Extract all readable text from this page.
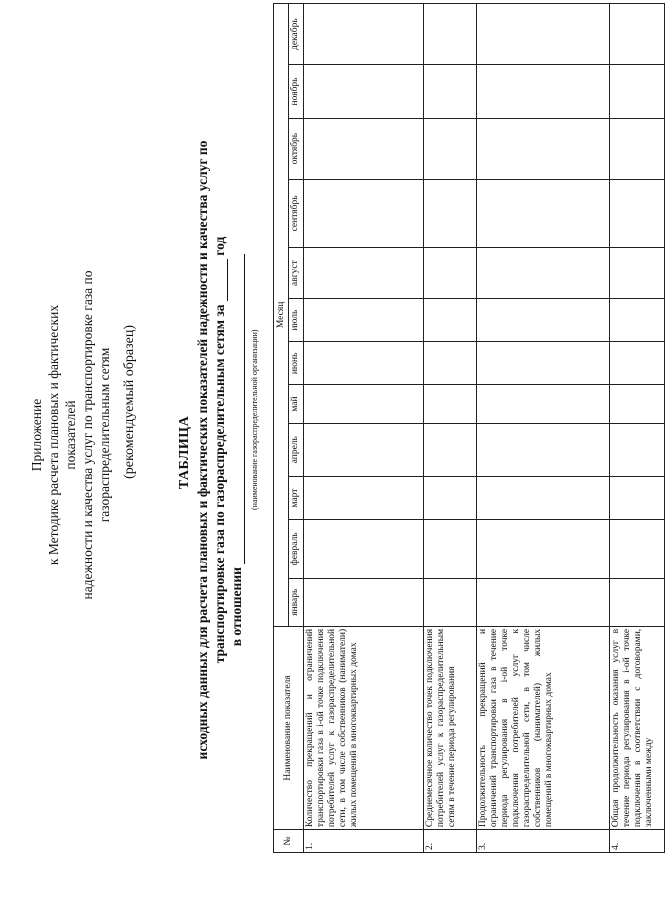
Приложение к Методике расчета плановых и фактических показателей надежности и качества услуг по транспортировке газа по газораспределительным сетям (рекомендуемый образец)	ТАБЛИЦА исходных данных для расчета плановых и фактических показателей надежности и качества услуг по транспортировке газа по газораспределительным сетям за  год
в отношении
(наименование газораспределительной организации)
№	Наименование показателя	Месяц											
		январь	февраль	март	апрель	май	июнь	июль	август	сентябрь	октябрь	ноябрь	декабрь
1.	Количество прекращений и ограничений транспортировки газа в i-ой точке подключения потребителей услуг к газораспределительной сети, в том числе собственников (наниматели) жилых помещений в многоквартирных домах												
2.	Среднемесячное количество точек подключения потребителей услуг к газораспределительным сетям в течение периода регулирования												
3.	Продолжительность прекращений и ограничений транспортировки газа в течение периода регулирования в i-ой точке подключения потребителей услуг к газораспределительной сети, в том числе собственников (нанимателей) жилых помещений в многоквартирных домах												
4.	Общая продолжительность оказания услуг в течение периода регулирования в i-ой точке подключения в соответствии с договорами, заключенными между												
